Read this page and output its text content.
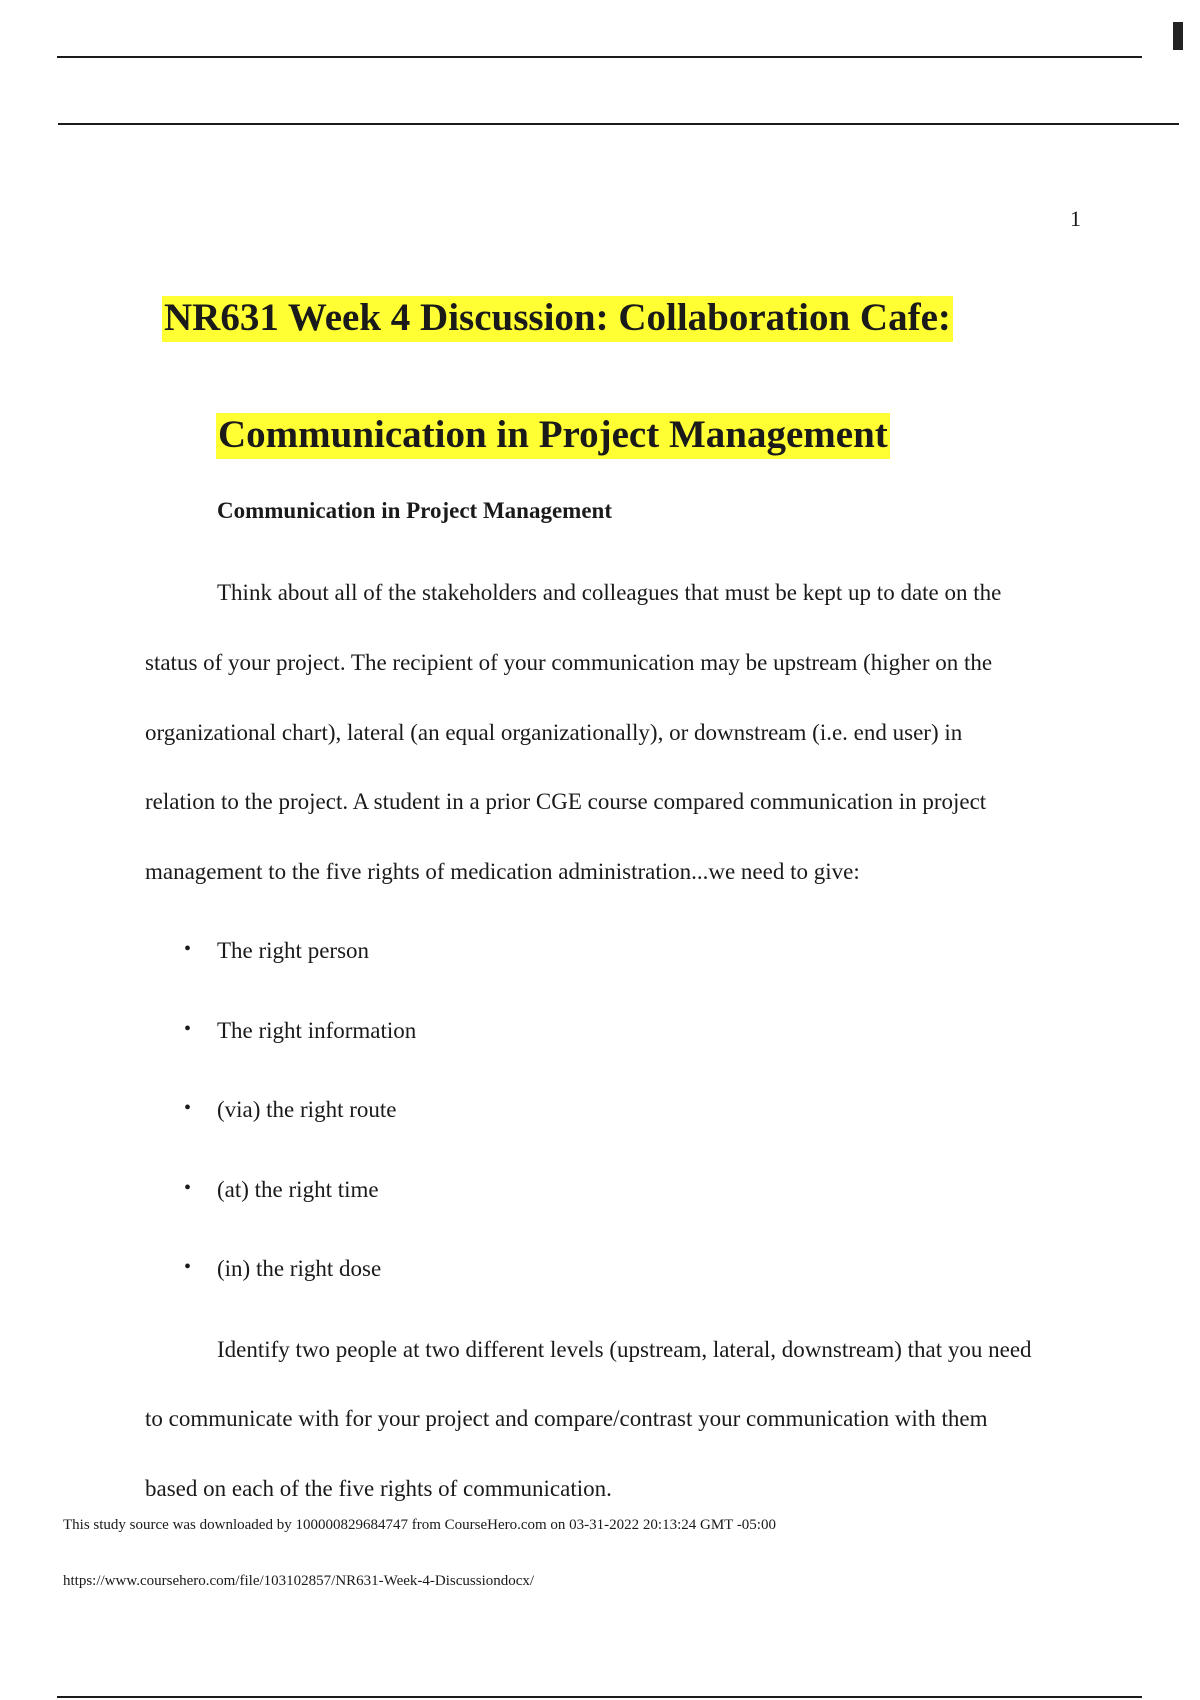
1
NR631 Week 4 Discussion: Collaboration Cafe:
Communication in Project Management
Communication in Project Management
Think about all of the stakeholders and colleagues that must be kept up to date on the
status of your project. The recipient of your communication may be upstream (higher on the
organizational chart), lateral (an equal organizationally), or downstream (i.e. end user) in
relation to the project. A student in a prior CGE course compared communication in project
management to the five rights of medication administration...we need to give:
• The right person
• The right information
• (via) the right route
• (at) the right time
• (in) the right dose
Identify two people at two different levels (upstream, lateral, downstream) that you need
to communicate with for your project and compare/contrast your communication with them
based on each of the five rights of communication.
This study source was downloaded by 100000829684747 from CourseHero.com on 03-31-2022 20:13:24 GMT -05:00
https://www.coursehero.com/file/103102857/NR631-Week-4-Discussiondocx/
